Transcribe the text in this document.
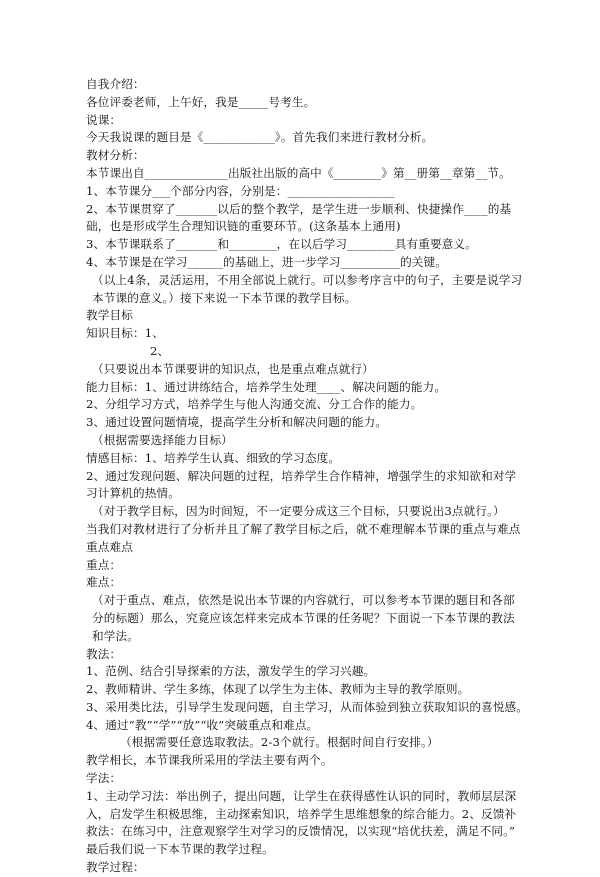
自我介绍：
各位评委老师，上午好，我是_____号考生。
说课：
今天我说课的题目是《____________》。首先我们来进行教材分析。
教材分析：
本节课出自______________出版社出版的高中《________》第__册第__章第__节。
1、本节课分___个部分内容，分别是：__________________
2、本节课贯穿了_______以后的整个教学，是学生进一步顺利、快捷操作____的基础，也是形成学生合理知识链的重要环节。(这条基本上通用)
3、本节课联系了_______和________，在以后学习________具有重要意义。
4、本节课是在学习______的基础上，进一步学习__________的关键。
（以上4条，灵活运用，不用全部说上就行。可以参考序言中的句子，主要是说学习本节课的意义。）接下来说一下本节课的教学目标。
教学目标
知识目标：1、
2、
（只要说出本节课要讲的知识点，也是重点难点就行）
能力目标：1、通过讲练结合，培养学生处理____、解决问题的能力。
2、分组学习方式，培养学生与他人沟通交流、分工合作的能力。
3、通过设置问题情境，提高学生分析和解决问题的能力。
（根据需要选择能力目标）
情感目标：1、培养学生认真、细致的学习态度。
2、通过发现问题、解决问题的过程，培养学生合作精神，增强学生的求知欲和对学习计算机的热情。
（对于教学目标，因为时间短，不一定要分成这三个目标，只要说出3点就行。）
当我们对教材进行了分析并且了解了教学目标之后，就不难理解本节课的重点与难点
重点难点
重点：
难点：
（对于重点、难点，依然是说出本节课的内容就行，可以参考本节课的题目和各部分的标题）那么，究竟应该怎样来完成本节课的任务呢？下面说一下本节课的教法和学法。
教法：
1、范例、结合引导探索的方法，激发学生的学习兴趣。
2、教师精讲、学生多练，体现了以学生为主体、教师为主导的教学原则。
3、采用类比法，引导学生发现问题，自主学习，从而体验到独立获取知识的喜悦感。
4、通过“教”“学”“放”“收”突破重点和难点。
（根据需要任意选取教法。2-3个就行。根据时间自行安排。）
教学相长，本节课我所采用的学法主要有两个。
学法：
1、主动学习法：举出例子，提出问题，让学生在获得感性认识的同时，教师层层深入，启发学生积极思维，主动探索知识，培养学生思维想象的综合能力。2、反馈补救法：在练习中，注意观察学生对学习的反馈情况，以实现“培优扶差，满足不同。”
最后我们说一下本节课的教学过程。
教学过程：
